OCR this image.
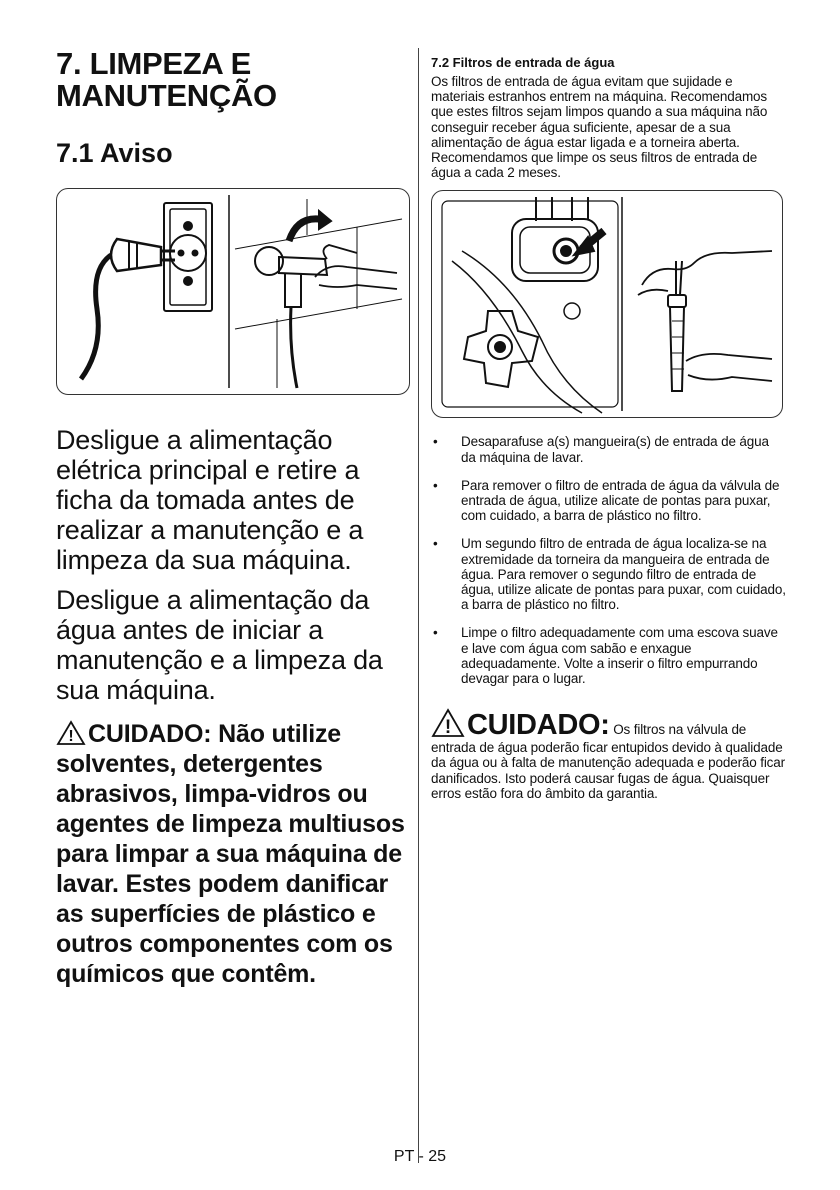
7. LIMPEZA E MANUTENÇÃO
7.1 Aviso

Desligue a alimentação elétrica principal e retire a ficha da tomada antes de realizar a manutenção e a limpeza da sua máquina.

Desligue a alimentação da água antes de iniciar a manutenção e a limpeza da sua máquina.

! CUIDADO: Não utilize solventes, detergentes abrasivos, limpa-vidros ou agentes de limpeza multiusos para limpar a sua máquina de lavar. Estes podem danificar as superfícies de plástico e outros componentes com os químicos que contêm.

7.2 Filtros de entrada de água

Os filtros de entrada de água evitam que sujidade e materiais estranhos entrem na máquina. Recomendamos que estes filtros sejam limpos quando a sua máquina não conseguir receber água suficiente, apesar de a sua alimentação de água estar ligada e a torneira aberta. Recomendamos que limpe os seus filtros de entrada de água a cada 2 meses.

• Desaparafuse a(s) mangueira(s) de entrada de água da máquina de lavar.
• Para remover o filtro de entrada de água da válvula de entrada de água, utilize alicate de pontas para puxar, com cuidado, a barra de plástico no filtro.
• Um segundo filtro de entrada de água localiza-se na extremidade da torneira da mangueira de entrada de água. Para remover o segundo filtro de entrada de água, utilize alicate de pontas para puxar, com cuidado, a barra de plástico no filtro.
• Limpe o filtro adequadamente com uma escova suave e lave com água com sabão e enxague adequadamente. Volte a inserir o filtro empurrando devagar para o lugar.

! CUIDADO: Os filtros na válvula de entrada de água poderão ficar entupidos devido à qualidade da água ou à falta de manutenção adequada e poderão ficar danificados. Isto poderá causar fugas de água. Quaisquer erros estão fora do âmbito da garantia.

PT - 25
